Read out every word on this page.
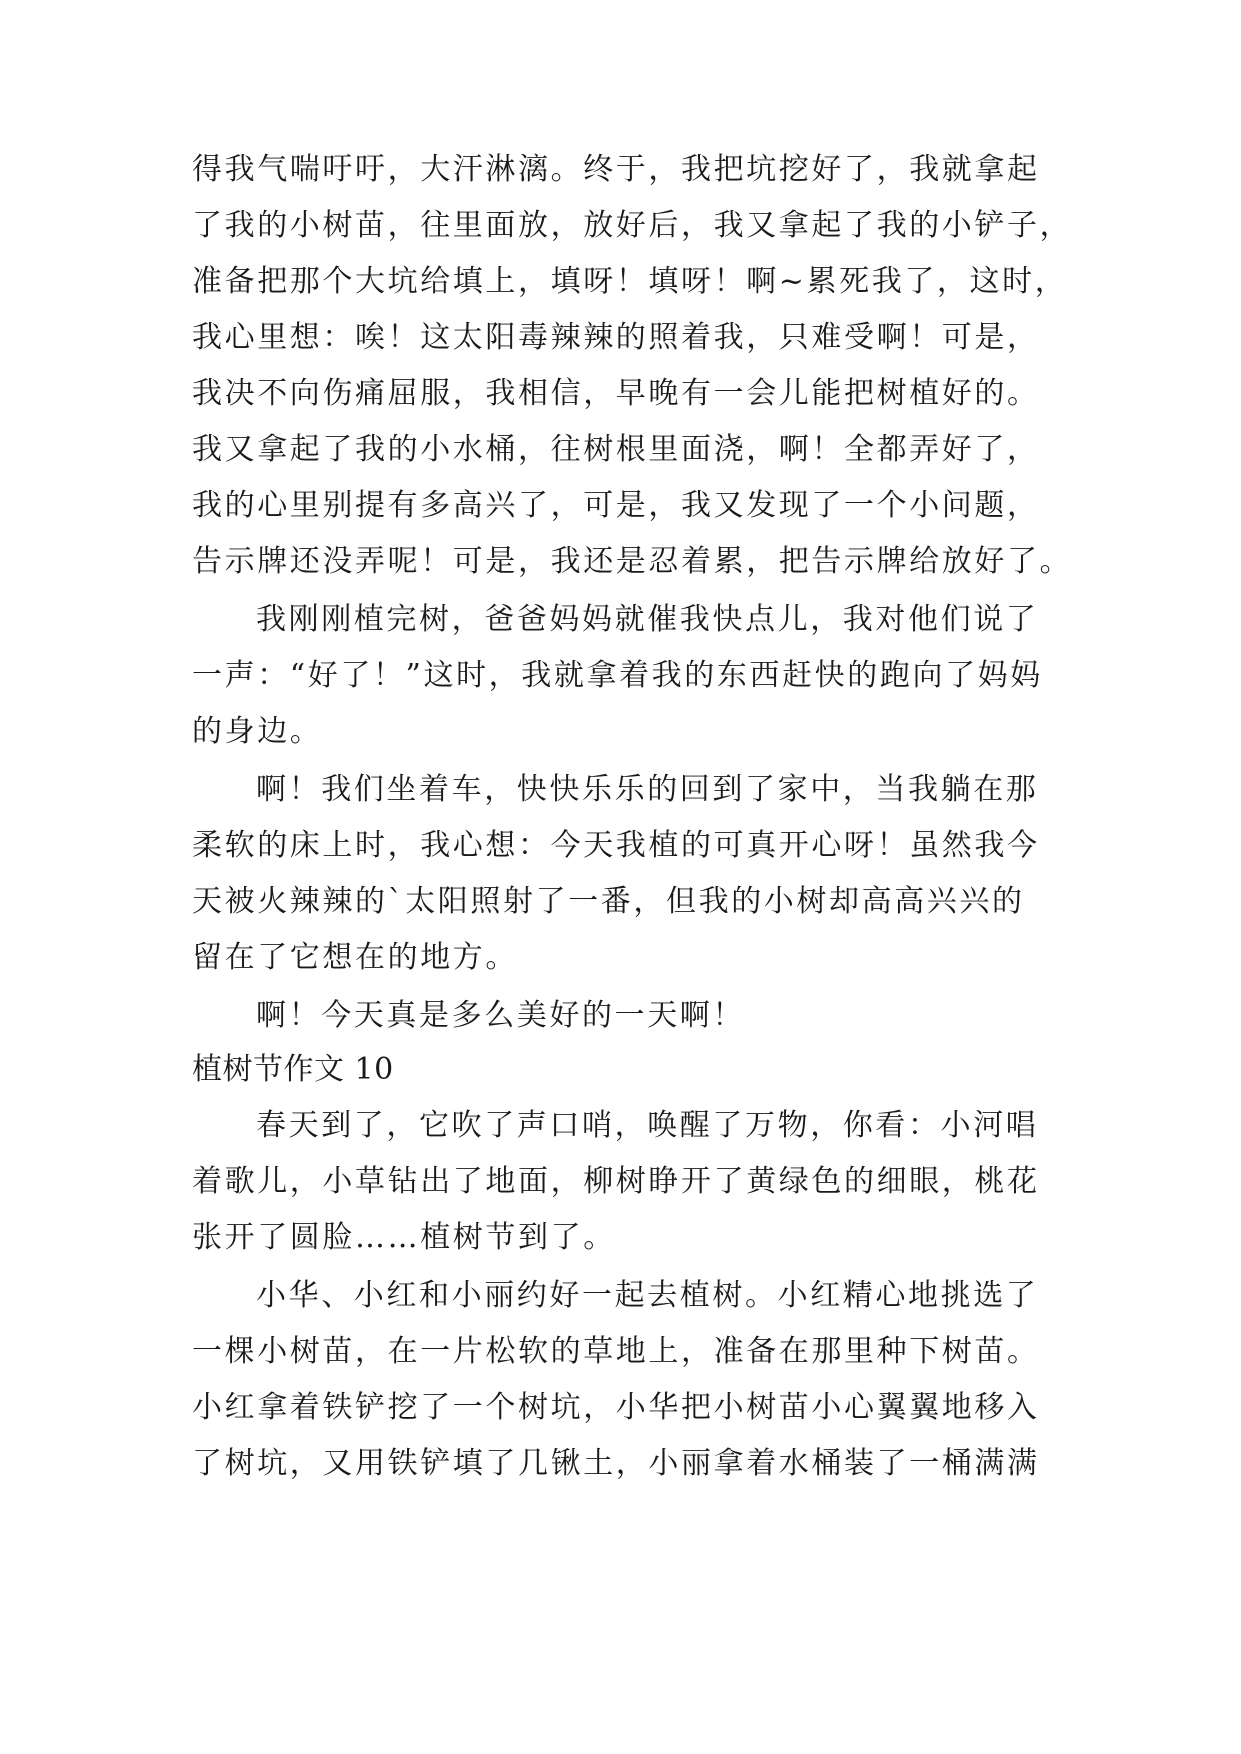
得我气喘吁吁，大汗淋漓。终于，我把坑挖好了，我就拿起
了我的小树苗，往里面放，放好后，我又拿起了我的小铲子，
准备把那个大坑给填上，填呀！填呀！啊~累死我了，这时，
我心里想：唉！这太阳毒辣辣的照着我，只难受啊！可是，
我决不向伤痛屈服，我相信，早晚有一会儿能把树植好的。
我又拿起了我的小水桶，往树根里面浇，啊！全都弄好了，
我的心里别提有多高兴了，可是，我又发现了一个小问题，
告示牌还没弄呢！可是，我还是忍着累，把告示牌给放好了。
我刚刚植完树，爸爸妈妈就催我快点儿，我对他们说了
一声：“好了！”这时，我就拿着我的东西赶快的跑向了妈妈
的身边。
啊！我们坐着车，快快乐乐的回到了家中，当我躺在那
柔软的床上时，我心想：今天我植的可真开心呀！虽然我今
天被火辣辣的`太阳照射了一番，但我的小树却高高兴兴的
留在了它想在的地方。
啊！今天真是多么美好的一天啊！
植树节作文 10
春天到了，它吹了声口哨，唤醒了万物，你看：小河唱
着歌儿，小草钻出了地面，柳树睁开了黄绿色的细眼，桃花
张开了圆脸……植树节到了。
小华、小红和小丽约好一起去植树。小红精心地挑选了
一棵小树苗，在一片松软的草地上，准备在那里种下树苗。
小红拿着铁铲挖了一个树坑，小华把小树苗小心翼翼地移入
了树坑，又用铁铲填了几锹土，小丽拿着水桶装了一桶满满
